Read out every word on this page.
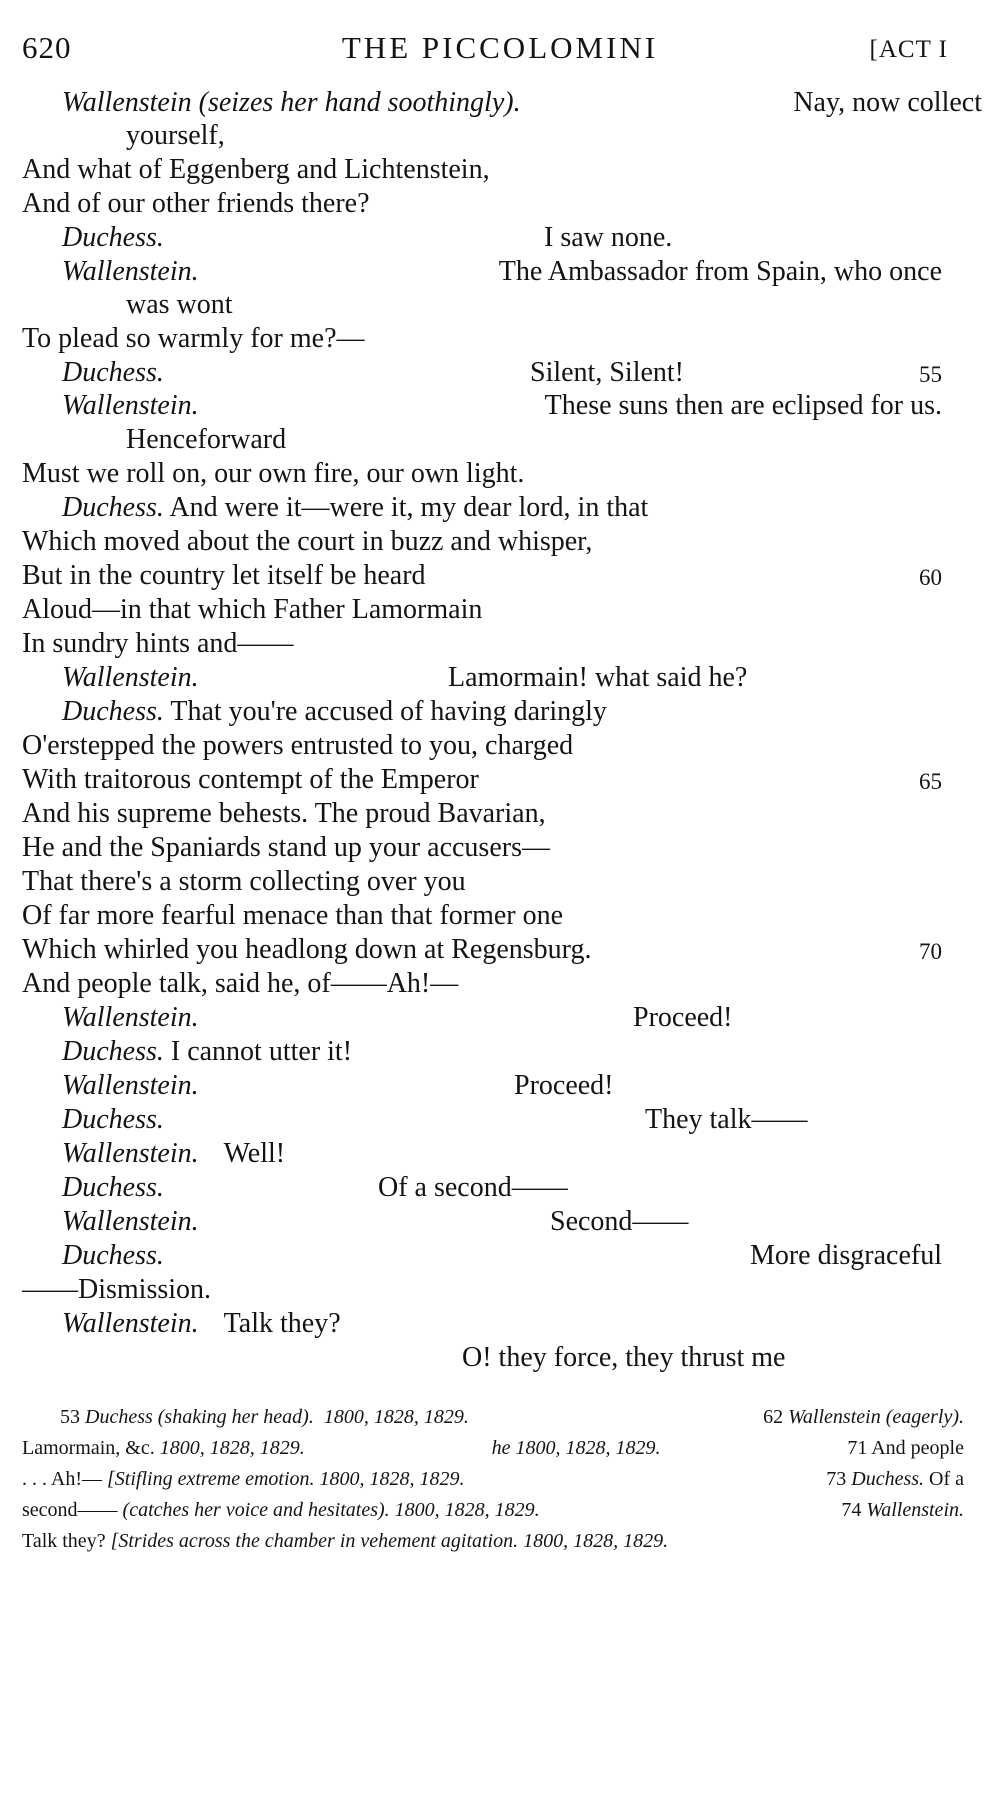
620	THE PICCOLOMINI	[ACT I
Wallenstein (seizes her hand soothingly).	Nay, now collect
yourself,
And what of Eggenberg and Lichtenstein,
And of our other friends there?
Duchess.	I saw none.
Wallenstein.	The Ambassador from Spain, who once
was wont
To plead so warmly for me?—
Duchess.	Silent, Silent!	55
Wallenstein.	These suns then are eclipsed for us.
Henceforward
Must we roll on, our own fire, our own light.
Duchess. And were it—were it, my dear lord, in that
Which moved about the court in buzz and whisper,
But in the country let itself be heard	60
Aloud—in that which Father Lamormain
In sundry hints and——
Wallenstein.	Lamormain! what said he?
Duchess. That you're accused of having daringly
O'erstepped the powers entrusted to you, charged
With traitorous contempt of the Emperor	65
And his supreme behests. The proud Bavarian,
He and the Spaniards stand up your accusers—
That there's a storm collecting over you
Of far more fearful menace than that former one
Which whirled you headlong down at Regensburg.	70
And people talk, said he, of——Ah!—
Wallenstein.	Proceed!
Duchess. I cannot utter it!
Wallenstein.	Proceed!
Duchess.	They talk——
Wallenstein. Well!
Duchess.	Of a second——
Wallenstein.	Second——
Duchess.	More disgraceful
——Dismission.
Wallenstein. Talk they?
O! they force, they thrust me
53 Duchess (shaking her head). 1800, 1828, 1829.	62 Wallenstein (eagerly).
Lamormain, &c. 1800, 1828, 1829.	he 1800, 1828, 1829.	71 And people
. . . Ah!— [Stifling extreme emotion. 1800, 1828, 1829.	73 Duchess. Of a
second—— (catches her voice and hesitates). 1800, 1828, 1829.	74 Wallenstein.
Talk they? [Strides across the chamber in vehement agitation. 1800, 1828, 1829.
